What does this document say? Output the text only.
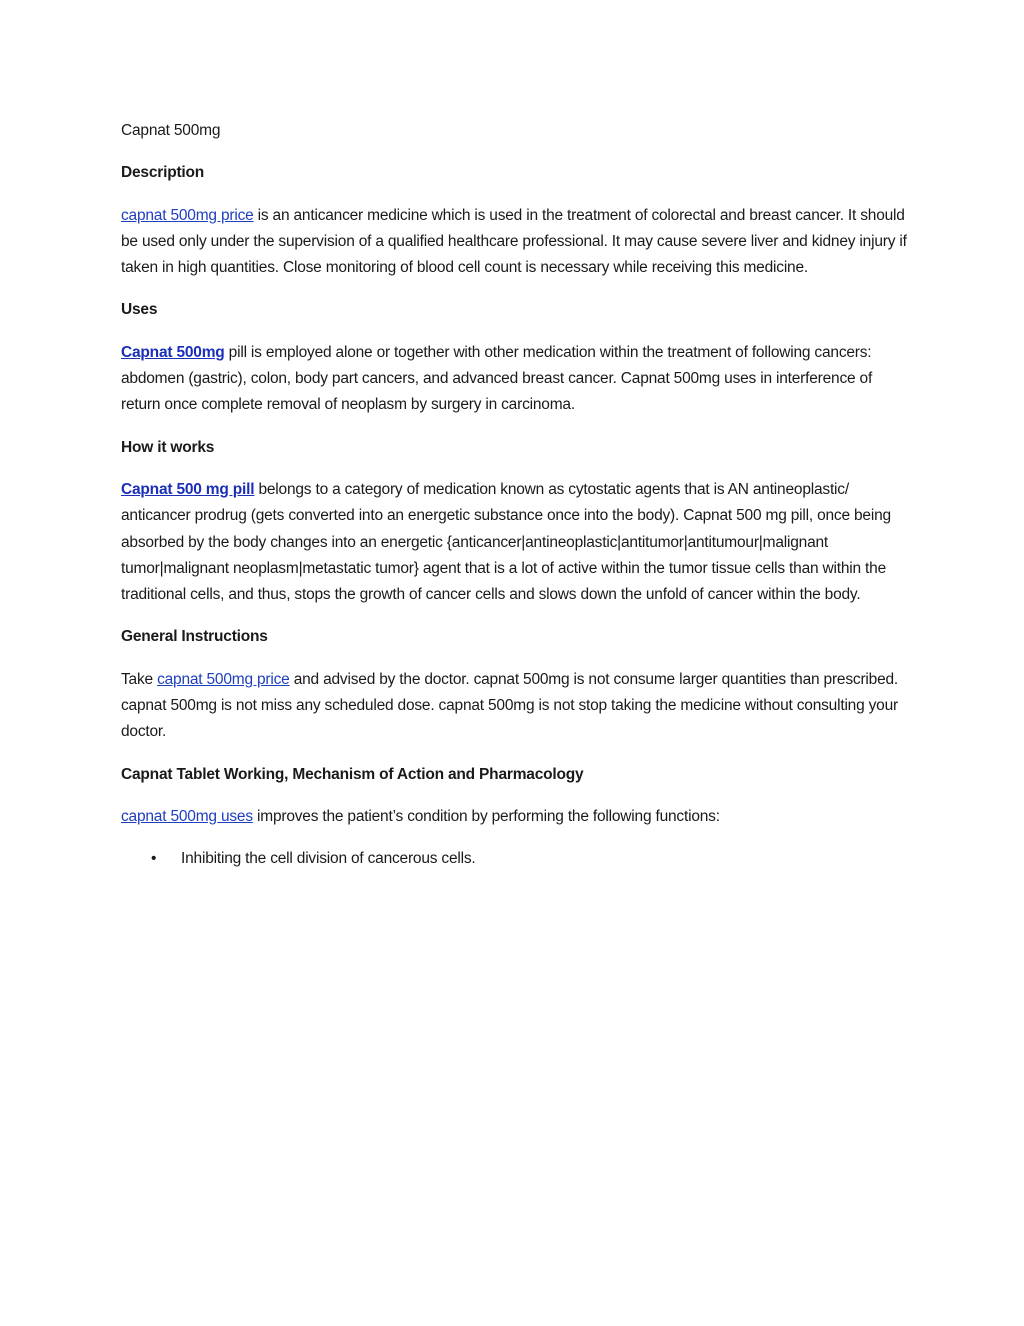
Capnat 500mg

Description

capnat 500mg price is an anticancer medicine which is used in the treatment of colorectal and breast cancer. It should be used only under the supervision of a qualified healthcare professional. It may cause severe liver and kidney injury if taken in high quantities. Close monitoring of blood cell count is necessary while receiving this medicine.

Uses

Capnat 500mg pill is employed alone or together with other medication within the treatment of following cancers: abdomen (gastric), colon, body part cancers, and advanced breast cancer. Capnat 500mg uses in interference of return once complete removal of neoplasm by surgery in carcinoma.

How it works

Capnat 500 mg pill belongs to a category of medication known as cytostatic agents that is AN antineoplastic/ anticancer prodrug (gets converted into an energetic substance once into the body). Capnat 500 mg pill, once being absorbed by the body changes into an energetic {anticancer|antineoplastic|antitumor|antitumour|malignant tumor|malignant neoplasm|metastatic tumor} agent that is a lot of active within the tumor tissue cells than within the traditional cells, and thus, stops the growth of cancer cells and slows down the unfold of cancer within the body.

General Instructions

Take capnat 500mg price and advised by the doctor. capnat 500mg is not consume larger quantities than prescribed. capnat 500mg is not miss any scheduled dose. capnat 500mg is not stop taking the medicine without consulting your doctor.

Capnat Tablet Working, Mechanism of Action and Pharmacology

capnat 500mg uses improves the patient’s condition by performing the following functions:

• Inhibiting the cell division of cancerous cells.
